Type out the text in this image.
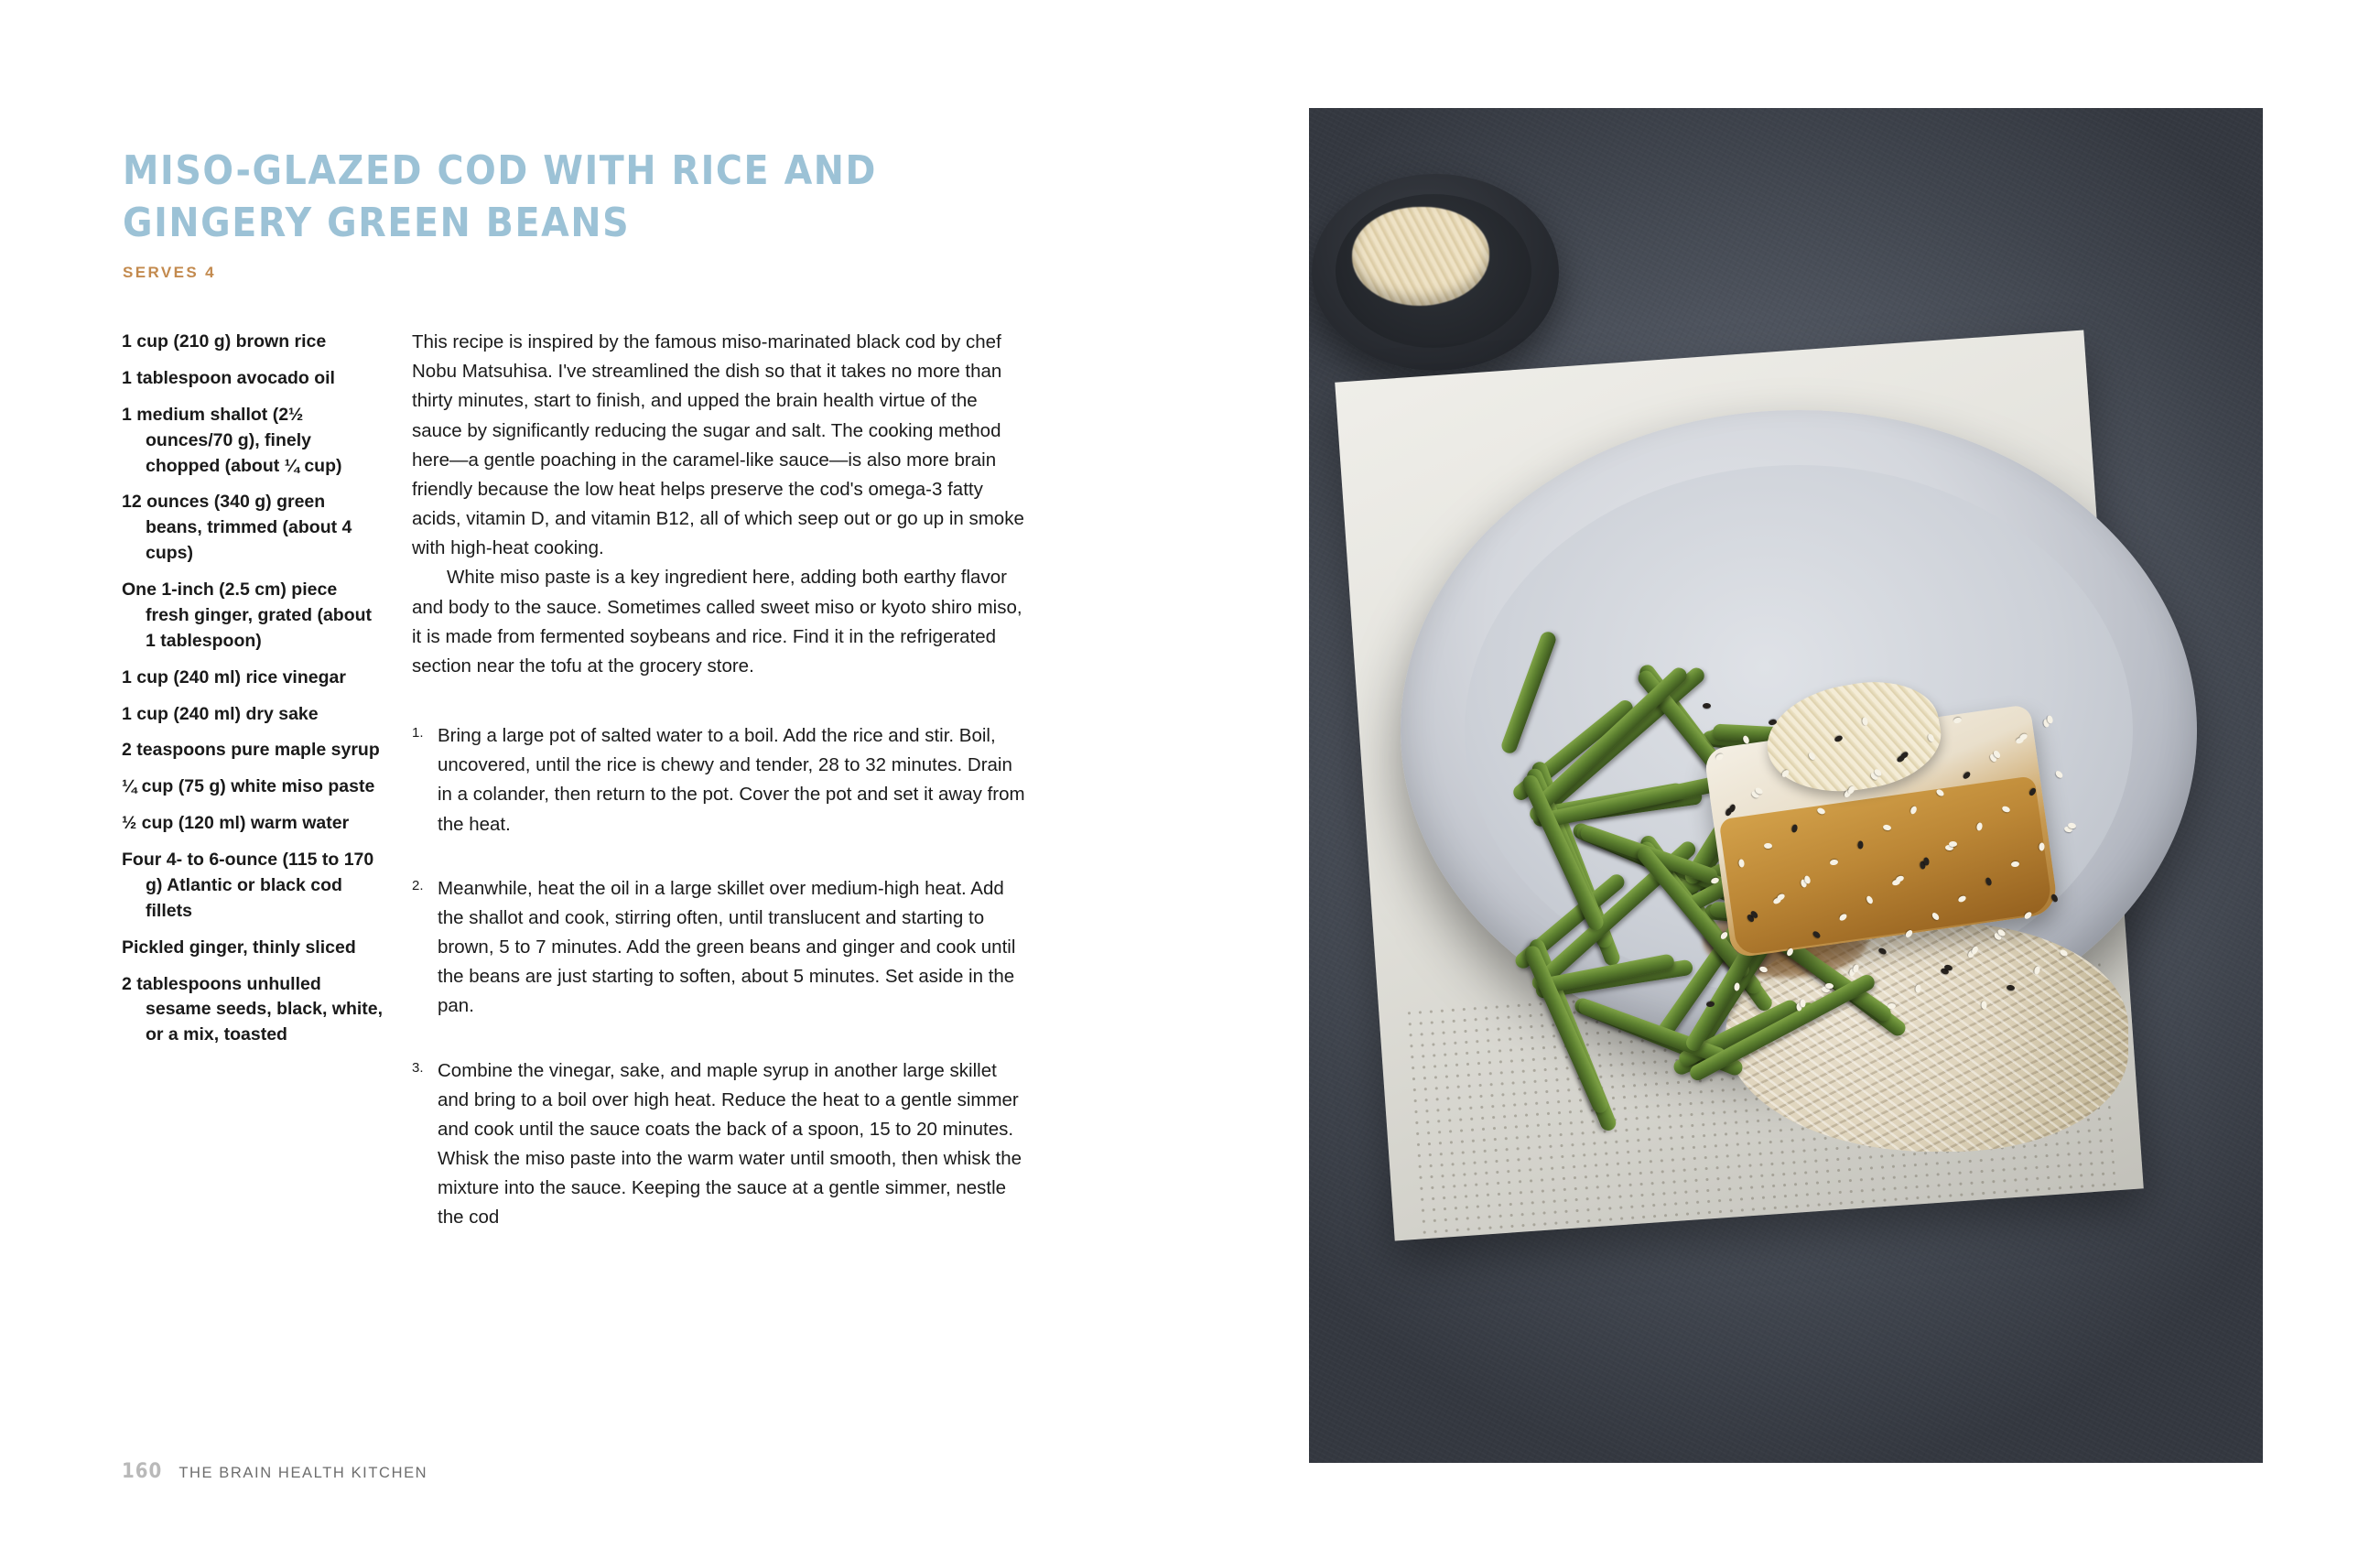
MISO-GLAZED COD WITH RICE AND GINGERY GREEN BEANS
SERVES 4
1 cup (210 g) brown rice
1 tablespoon avocado oil
1 medium shallot (2½ ounces/70 g), finely chopped (about ¼ cup)
12 ounces (340 g) green beans, trimmed (about 4 cups)
One 1-inch (2.5 cm) piece fresh ginger, grated (about 1 tablespoon)
1 cup (240 ml) rice vinegar
1 cup (240 ml) dry sake
2 teaspoons pure maple syrup
¼ cup (75 g) white miso paste
½ cup (120 ml) warm water
Four 4- to 6-ounce (115 to 170 g) Atlantic or black cod fillets
Pickled ginger, thinly sliced
2 tablespoons unhulled sesame seeds, black, white, or a mix, toasted

This recipe is inspired by the famous miso-marinated black cod by chef Nobu Matsuhisa. I've streamlined the dish so that it takes no more than thirty minutes, start to finish, and upped the brain health virtue of the sauce by significantly reducing the sugar and salt. The cooking method here—a gentle poaching in the caramel-like sauce—is also more brain friendly because the low heat helps preserve the cod's omega-3 fatty acids, vitamin D, and vitamin B12, all of which seep out or go up in smoke with high-heat cooking.

White miso paste is a key ingredient here, adding both earthy flavor and body to the sauce. Sometimes called sweet miso or kyoto shiro miso, it is made from fermented soybeans and rice. Find it in the refrigerated section near the tofu at the grocery store.

1. Bring a large pot of salted water to a boil. Add the rice and stir. Boil, uncovered, until the rice is chewy and tender, 28 to 32 minutes. Drain in a colander, then return to the pot. Cover the pot and set it away from the heat.

2. Meanwhile, heat the oil in a large skillet over medium-high heat. Add the shallot and cook, stirring often, until translucent and starting to brown, 5 to 7 minutes. Add the green beans and ginger and cook until the beans are just starting to soften, about 5 minutes. Set aside in the pan.

3. Combine the vinegar, sake, and maple syrup in another large skillet and bring to a boil over high heat. Reduce the heat to a gentle simmer and cook until the sauce coats the back of a spoon, 15 to 20 minutes. Whisk the miso paste into the warm water until smooth, then whisk the mixture into the sauce. Keeping the sauce at a gentle simmer, nestle the cod

160 THE BRAIN HEALTH KITCHEN
